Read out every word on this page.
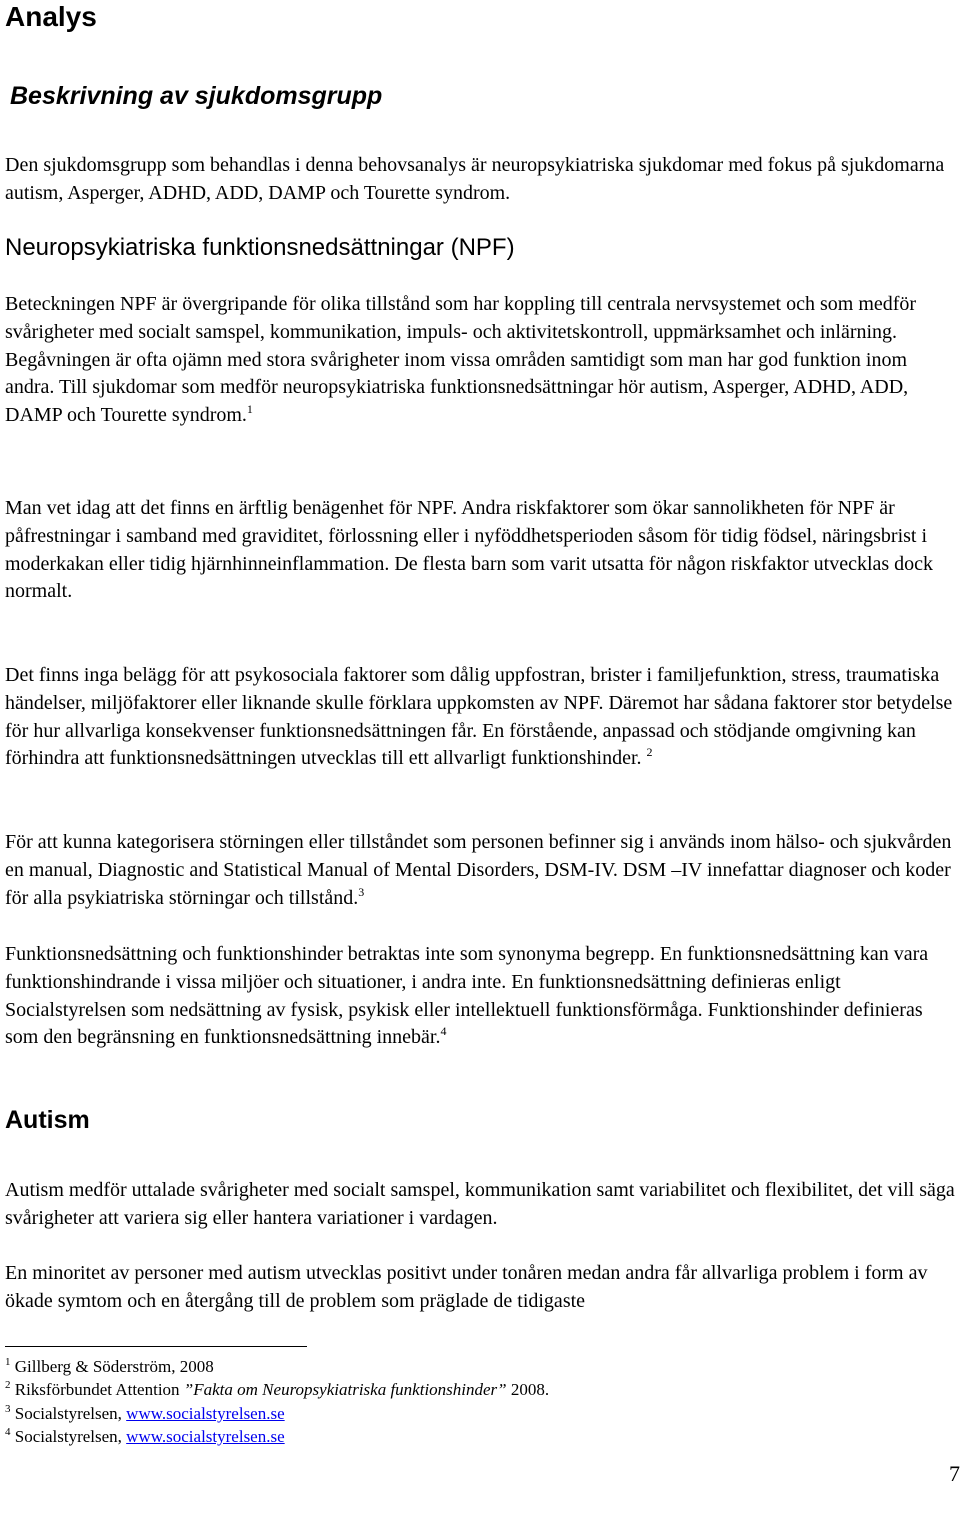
Analys
Beskrivning av sjukdomsgrupp

Den sjukdomsgrupp som behandlas i denna behovsanalys är neuropsykiatriska sjukdomar med fokus på sjukdomarna autism, Asperger, ADHD, ADD, DAMP och Tourette syndrom.

Neuropsykiatriska funktionsnedsättningar (NPF)

Beteckningen NPF är övergripande för olika tillstånd som har koppling till centrala nervsystemet och som medför svårigheter med socialt samspel, kommunikation, impuls- och aktivitetskontroll, uppmärksamhet och inlärning. Begåvningen är ofta ojämn med stora svårigheter inom vissa områden samtidigt som man har god funktion inom andra. Till sjukdomar som medför neuropsykiatriska funktionsnedsättningar hör autism, Asperger, ADHD, ADD, DAMP och Tourette syndrom.$^1$

Man vet idag att det finns en ärftlig benägenhet för NPF. Andra riskfaktorer som ökar sannolikheten för NPF är påfrestningar i samband med graviditet, förlossning eller i nyföddhetsperioden såsom för tidig födsel, näringsbrist i moderkakan eller tidig hjärnhinneinflammation. De flesta barn som varit utsatta för någon riskfaktor utvecklas dock normalt.

Det finns inga belägg för att psykosociala faktorer som dålig uppfostran, brister i familjefunktion, stress, traumatiska händelser, miljöfaktorer eller liknande skulle förklara uppkomsten av NPF. Däremot har sådana faktorer stor betydelse för hur allvarliga konsekvenser funktionsnedsättningen får. En förstående, anpassad och stödjande omgivning kan förhindra att funktionsnedsättningen utvecklas till ett allvarligt funktionshinder. $^2$

För att kunna kategorisera störningen eller tillståndet som personen befinner sig i används inom hälso- och sjukvården en manual, Diagnostic and Statistical Manual of Mental Disorders, DSM-IV. DSM –IV innefattar diagnoser och koder för alla psykiatriska störningar och tillstånd.$^3$

Funktionsnedsättning och funktionshinder betraktas inte som synonyma begrepp. En funktionsnedsättning kan vara funktionshindrande i vissa miljöer och situationer, i andra inte. En funktionsnedsättning definieras enligt Socialstyrelsen som nedsättning av fysisk, psykisk eller intellektuell funktionsförmåga. Funktionshinder definieras som den begränsning en funktionsnedsättning innebär.$^4$

Autism

Autism medför uttalade svårigheter med socialt samspel, kommunikation samt variabilitet och flexibilitet, det vill säga svårigheter att variera sig eller hantera variationer i vardagen.

En minoritet av personer med autism utvecklas positivt under tonåren medan andra får allvarliga problem i form av ökade symtom och en återgång till de problem som präglade de tidigaste

$^1$ Gillberg & Söderström, 2008

$^2$ Riksförbundet Attention ”Fakta om Neuropsykiatriska funktionshinder” 2008.

$^3$ Socialstyrelsen, www.socialstyrelsen.se

$^4$ Socialstyrelsen, www.socialstyrelsen.se

7
